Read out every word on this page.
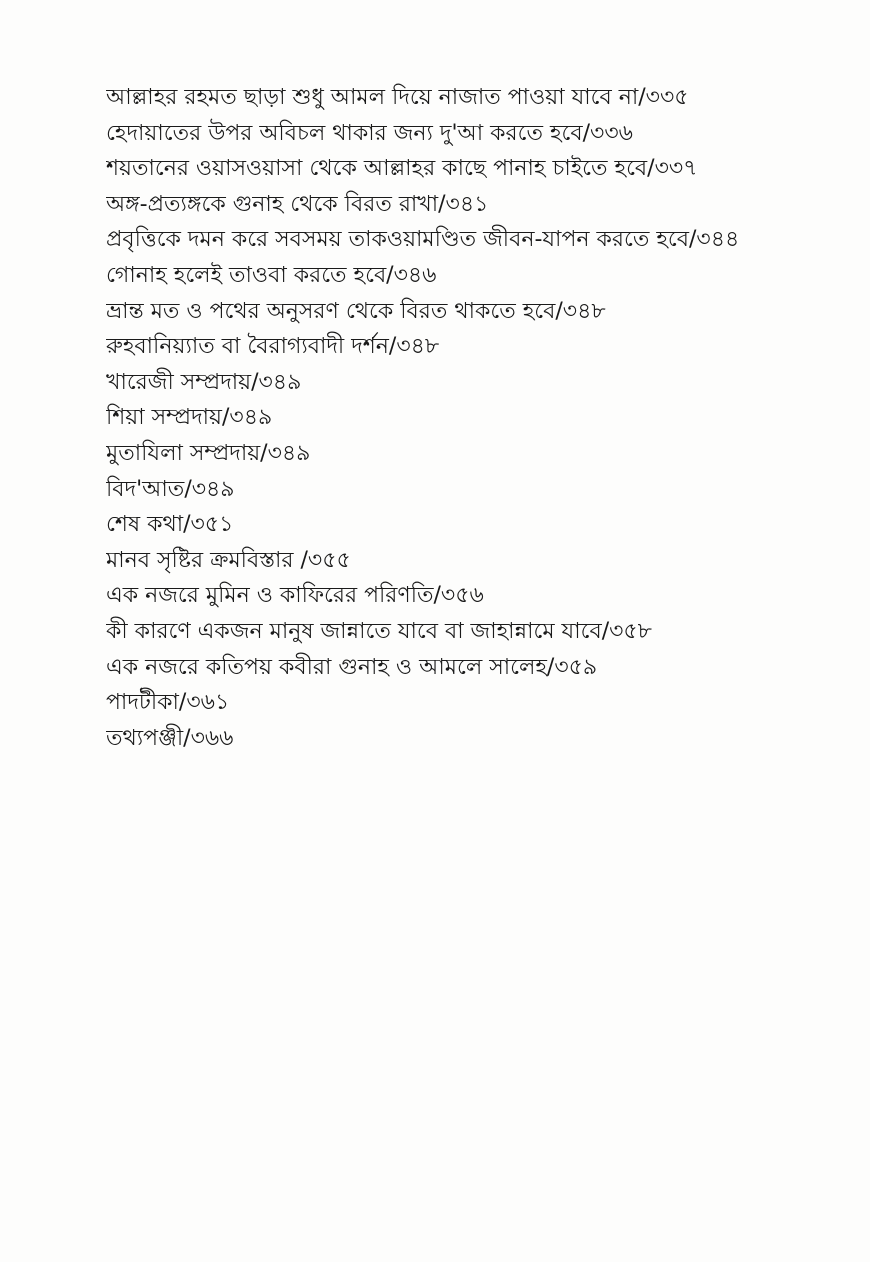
আল্লাহর রহমত ছাড়া শুধু আমল দিয়ে নাজাত পাওয়া যাবে না/৩৩৫
হেদায়াতের উপর অবিচল থাকার জন্য দু'আ করতে হবে/৩৩৬
শয়তানের ওয়াসওয়াসা থেকে আল্লাহর কাছে পানাহ চাইতে হবে/৩৩৭
অঙ্গ-প্রত্যঙ্গকে গুনাহ থেকে বিরত রাখা/৩৪১
প্রবৃত্তিকে দমন করে সবসময় তাকওয়ামণ্ডিত জীবন-যাপন করতে হবে/৩৪৪
গোনাহ হলেই তাওবা করতে হবে/৩৪৬
ভ্রান্ত মত ও পথের অনুসরণ থেকে বিরত থাকতে হবে/৩৪৮
রুহবানিয়্যাত বা বৈরাগ্যবাদী দর্শন/৩৪৮
খারেজী সম্প্রদায়/৩৪৯
শিয়া সম্প্রদায়/৩৪৯
মুতাযিলা সম্প্রদায়/৩৪৯
বিদ'আত/৩৪৯
শেষ কথা/৩৫১
মানব সৃষ্টির ক্রমবিস্তার /৩৫৫
এক নজরে মুমিন ও কাফিরের পরিণতি/৩৫৬
কী কারণে একজন মানুষ জান্নাতে যাবে বা জাহান্নামে যাবে/৩৫৮
এক নজরে কতিপয় কবীরা গুনাহ ও আমলে সালেহ/৩৫৯
পাদটীকা/৩৬১
তথ্যপঞ্জী/৩৬৬
